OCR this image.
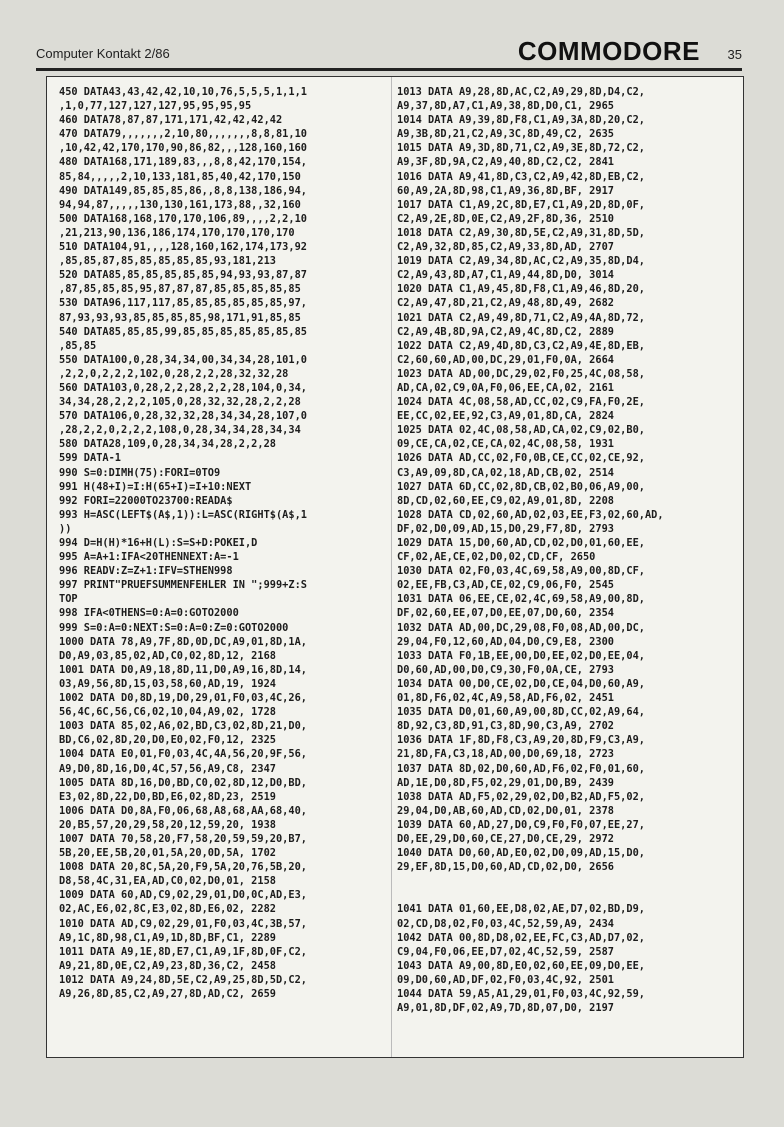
Computer Kontakt 2/86	COMMODORE 35
450 DATA43,43,42,42,10,10,76,5,5,5,1,1,1
,1,0,77,127,127,127,95,95,95,95
460 DATA78,87,87,171,171,42,42,42,42
470 DATA79,,,,,,,2,10,80,,,,,,,8,8,81,10
,10,42,42,170,170,90,86,82,,,128,160,160
480 DATA168,171,189,83,,,8,8,42,170,154,
85,84,,,,,2,10,133,181,85,40,42,170,150
490 DATA149,85,85,85,86,,8,8,138,186,94,
94,94,87,,,,,130,130,161,173,88,,32,160
500 DATA168,168,170,170,106,89,,,,2,2,10
,21,213,90,136,186,174,170,170,170,170
510 DATA104,91,,,,128,160,162,174,173,92
,85,85,87,85,85,85,85,85,93,181,213
520 DATA85,85,85,85,85,85,94,93,93,87,87
,87,85,85,85,95,87,87,87,85,85,85,85,85
530 DATA96,117,117,85,85,85,85,85,85,97,
87,93,93,93,85,85,85,85,98,171,91,85,85
540 DATA85,85,85,99,85,85,85,85,85,85,85
,85,85
550 DATA100,0,28,34,34,00,34,34,28,101,0
,2,2,0,2,2,2,102,0,28,2,2,28,32,32,28
560 DATA103,0,28,2,2,28,2,2,28,104,0,34,
34,34,28,2,2,2,105,0,28,32,32,28,2,2,28
570 DATA106,0,28,32,32,28,34,34,28,107,0
,28,2,2,0,2,2,2,108,0,28,34,34,28,34,34
580 DATA28,109,0,28,34,34,28,2,2,28
599 DATA-1
990 S=0:DIMH(75):FORI=0TO9
991 H(48+I)=I:H(65+I)=I+10:NEXT
992 FORI=22000TO23700:READA$
993 H=ASC(LEFT$(A$,1)):L=ASC(RIGHT$(A$,1
))
994 D=H(H)*16+H(L):S=S+D:POKEI,D
995 A=A+1:IFA<20THENNEXT:A=-1
996 READV:Z=Z+1:IFV=STHEN998
997 PRINT"PRUEFSUMMENFEHLER IN ";999+Z:S
TOP
998 IFA<0THENS=0:A=0:GOTO2000
999 S=0:A=0:NEXT:S=0:A=0:Z=0:GOTO2000
1000 DATA 78,A9,7F,8D,0D,DC,A9,01,8D,1A,
D0,A9,03,85,02,AD,C0,02,8D,12, 2168
1001 DATA D0,A9,18,8D,11,D0,A9,16,8D,14,
03,A9,56,8D,15,03,58,60,AD,19, 1924
1002 DATA D0,8D,19,D0,29,01,F0,03,4C,26,
56,4C,6C,56,C6,02,10,04,A9,02, 1728
1003 DATA 85,02,A6,02,BD,C3,02,8D,21,D0,
BD,C6,02,8D,20,D0,E0,02,F0,12, 2325
1004 DATA E0,01,F0,03,4C,4A,56,20,9F,56,
A9,D0,8D,16,D0,4C,57,56,A9,C8, 2347
1005 DATA 8D,16,D0,BD,C0,02,8D,12,D0,BD,
E3,02,8D,22,D0,BD,E6,02,8D,23, 2519
1006 DATA D0,8A,F0,06,68,A8,68,AA,68,40,
20,B5,57,20,29,58,20,12,59,20, 1938
1007 DATA 70,58,20,F7,58,20,59,59,20,B7,
5B,20,EE,5B,20,01,5A,20,0D,5A, 1702
1008 DATA 20,8C,5A,20,F9,5A,20,76,5B,20,
D8,58,4C,31,EA,AD,C0,02,D0,01, 2158
1009 DATA 60,AD,C9,02,29,01,D0,0C,AD,E3,
02,AC,E6,02,8C,E3,02,8D,E6,02, 2282
1010 DATA AD,C9,02,29,01,F0,03,4C,3B,57,
A9,1C,8D,98,C1,A9,1D,8D,BF,C1, 2289
1011 DATA A9,1E,8D,E7,C1,A9,1F,8D,0F,C2,
A9,21,8D,0E,C2,A9,23,8D,36,C2, 2458
1012 DATA A9,24,8D,5E,C2,A9,25,8D,5D,C2,
A9,26,8D,85,C2,A9,27,8D,AD,C2, 2659
1013 DATA A9,28,8D,AC,C2,A9,29,8D,D4,C2,
A9,37,8D,A7,C1,A9,38,8D,D0,C1, 2965
1014 DATA A9,39,8D,F8,C1,A9,3A,8D,20,C2,
A9,3B,8D,21,C2,A9,3C,8D,49,C2, 2635
1015 DATA A9,3D,8D,71,C2,A9,3E,8D,72,C2,
A9,3F,8D,9A,C2,A9,40,8D,C2,C2, 2841
1016 DATA A9,41,8D,C3,C2,A9,42,8D,EB,C2,
60,A9,2A,8D,98,C1,A9,36,8D,BF, 2917
1017 DATA C1,A9,2C,8D,E7,C1,A9,2D,8D,0F,
C2,A9,2E,8D,0E,C2,A9,2F,8D,36, 2510
1018 DATA C2,A9,30,8D,5E,C2,A9,31,8D,5D,
C2,A9,32,8D,85,C2,A9,33,8D,AD, 2707
1019 DATA C2,A9,34,8D,AC,C2,A9,35,8D,D4,
C2,A9,43,8D,A7,C1,A9,44,8D,D0, 3014
1020 DATA C1,A9,45,8D,F8,C1,A9,46,8D,20,
C2,A9,47,8D,21,C2,A9,48,8D,49, 2682
1021 DATA C2,A9,49,8D,71,C2,A9,4A,8D,72,
C2,A9,4B,8D,9A,C2,A9,4C,8D,C2, 2889
1022 DATA C2,A9,4D,8D,C3,C2,A9,4E,8D,EB,
C2,60,60,AD,00,DC,29,01,F0,0A, 2664
1023 DATA AD,00,DC,29,02,F0,25,4C,08,58,
AD,CA,02,C9,0A,F0,06,EE,CA,02, 2161
1024 DATA 4C,08,58,AD,CC,02,C9,FA,F0,2E,
EE,CC,02,EE,92,C3,A9,01,8D,CA, 2824
1025 DATA 02,4C,08,58,AD,CA,02,C9,02,B0,
09,CE,CA,02,CE,CA,02,4C,08,58, 1931
1026 DATA AD,CC,02,F0,0B,CE,CC,02,CE,92,
C3,A9,09,8D,CA,02,18,AD,CB,02, 2514
1027 DATA 6D,CC,02,8D,CB,02,B0,06,A9,00,
8D,CD,02,60,EE,C9,02,A9,01,8D, 2208
1028 DATA CD,02,60,AD,02,03,EE,F3,02,60,AD,
DF,02,D0,09,AD,15,D0,29,F7,8D, 2793
1029 DATA 15,D0,60,AD,CD,02,D0,01,60,EE,
CF,02,AE,CE,02,D0,02,CD,CF, 2650
1030 DATA 02,F0,03,4C,69,58,A9,00,8D,CF,
02,EE,FB,C3,AD,CE,02,C9,06,F0, 2545
1031 DATA 06,EE,CE,02,4C,69,58,A9,00,8D,
DF,02,60,EE,07,D0,EE,07,D0,60, 2354
1032 DATA AD,00,DC,29,08,F0,08,AD,00,DC,
29,04,F0,12,60,AD,04,D0,C9,E8, 2300
1033 DATA F0,1B,EE,00,D0,EE,02,D0,EE,04,
D0,60,AD,00,D0,C9,30,F0,0A,CE, 2793
1034 DATA 00,D0,CE,02,D0,CE,04,D0,60,A9,
01,8D,F6,02,4C,A9,58,AD,F6,02, 2451
1035 DATA D0,01,60,A9,00,8D,CC,02,A9,64,
8D,92,C3,8D,91,C3,8D,90,C3,A9, 2702
1036 DATA 1F,8D,F8,C3,A9,20,8D,F9,C3,A9,
21,8D,FA,C3,18,AD,00,D0,69,18, 2723
1037 DATA 8D,02,D0,60,AD,F6,02,F0,01,60,
AD,1E,D0,8D,F5,02,29,01,D0,B9, 2439
1038 DATA AD,F5,02,29,02,D0,B2,AD,F5,02,
29,04,D0,AB,60,AD,CD,02,D0,01, 2378
1039 DATA 60,AD,27,D0,C9,F0,F0,07,EE,27,
D0,EE,29,D0,60,CE,27,D0,CE,29, 2972
1040 DATA D0,60,AD,E0,02,D0,09,AD,15,D0,
29,EF,8D,15,D0,60,AD,CD,02,D0, 2656
1041 DATA 01,60,EE,D8,02,AE,D7,02,BD,D9,
02,CD,D8,02,F0,03,4C,52,59,A9, 2434
1042 DATA 00,8D,D8,02,EE,FC,C3,AD,D7,02,
C9,04,F0,06,EE,D7,02,4C,52,59, 2587
1043 DATA A9,00,8D,E0,02,60,EE,09,D0,EE,
09,D0,60,AD,DF,02,F0,03,4C,92, 2501
1044 DATA 59,A5,A1,29,01,F0,03,4C,92,59,
A9,01,8D,DF,02,A9,7D,8D,07,D0, 2197
